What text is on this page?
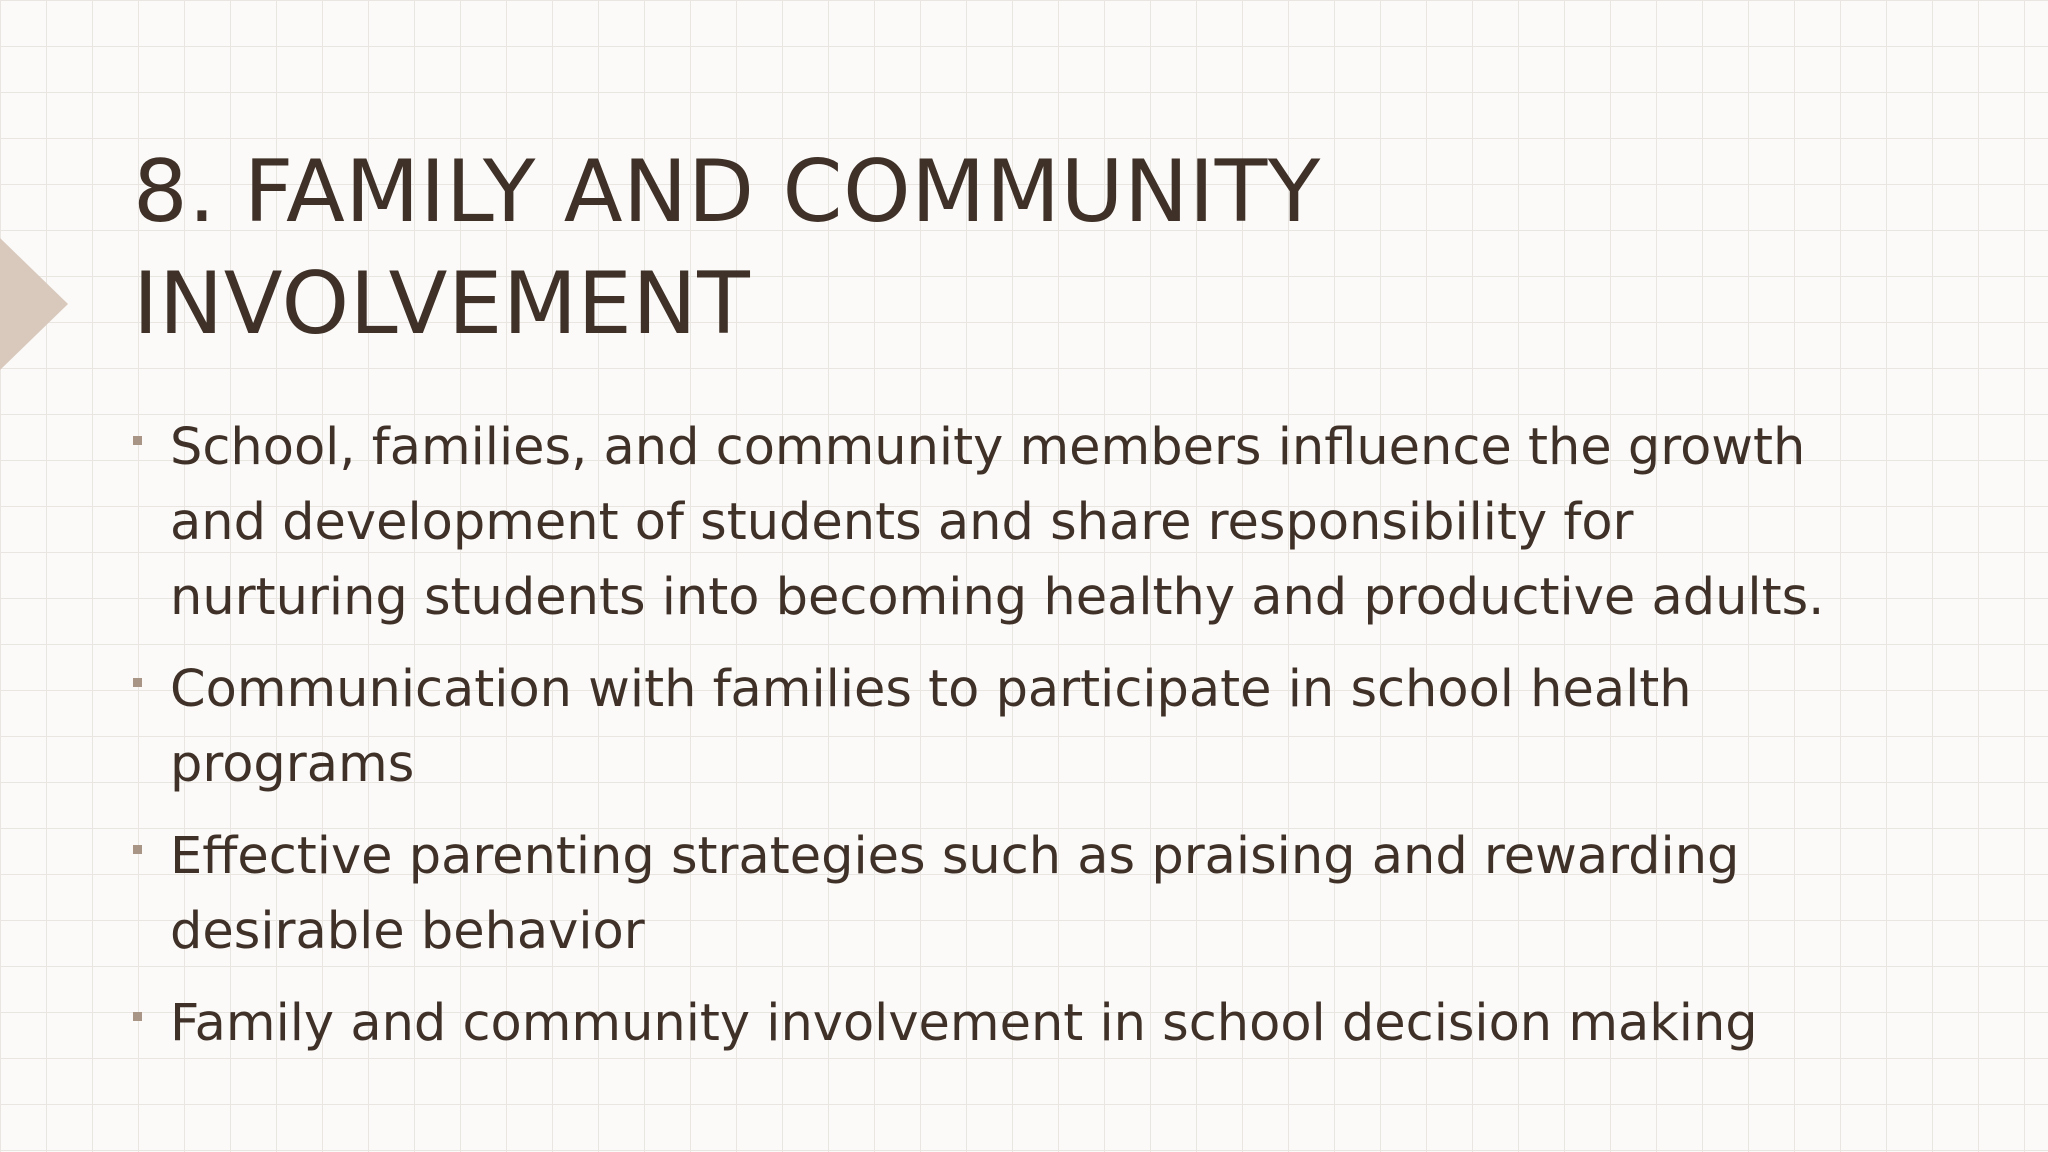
8. FAMILY AND COMMUNITY INVOLVEMENT
School, families, and community members influence the growth and development of students and share responsibility for nurturing students into becoming healthy and productive adults.
Communication with families to participate in school health programs
Effective parenting strategies such as praising and rewarding desirable behavior
Family and community involvement in school decision making
